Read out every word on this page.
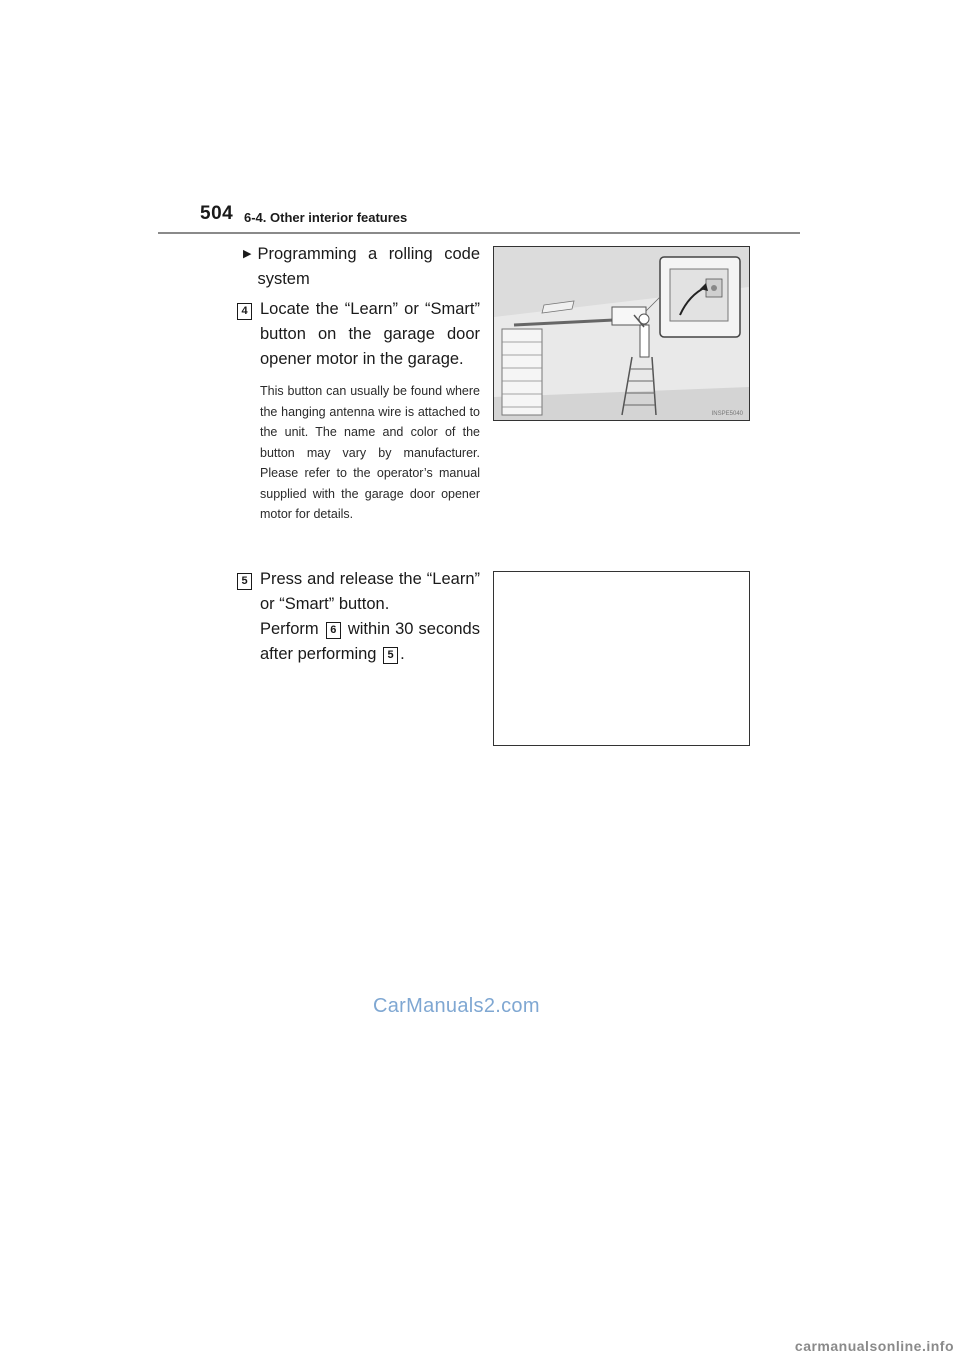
504 6-4. Other interior features
▶ Programming a rolling code system
4 Locate the “Learn” or “Smart” button on the garage door opener motor in the garage.
This button can usually be found where the hanging antenna wire is attached to the unit. The name and color of the button may vary by manufacturer. Please refer to the operator’s manual supplied with the garage door opener motor for details.
5 Press and release the “Learn” or “Smart” button.
Perform 6 within 30 seconds after performing 5 .
INSPE5040
CarManuals2.com
carmanualsonline.info
